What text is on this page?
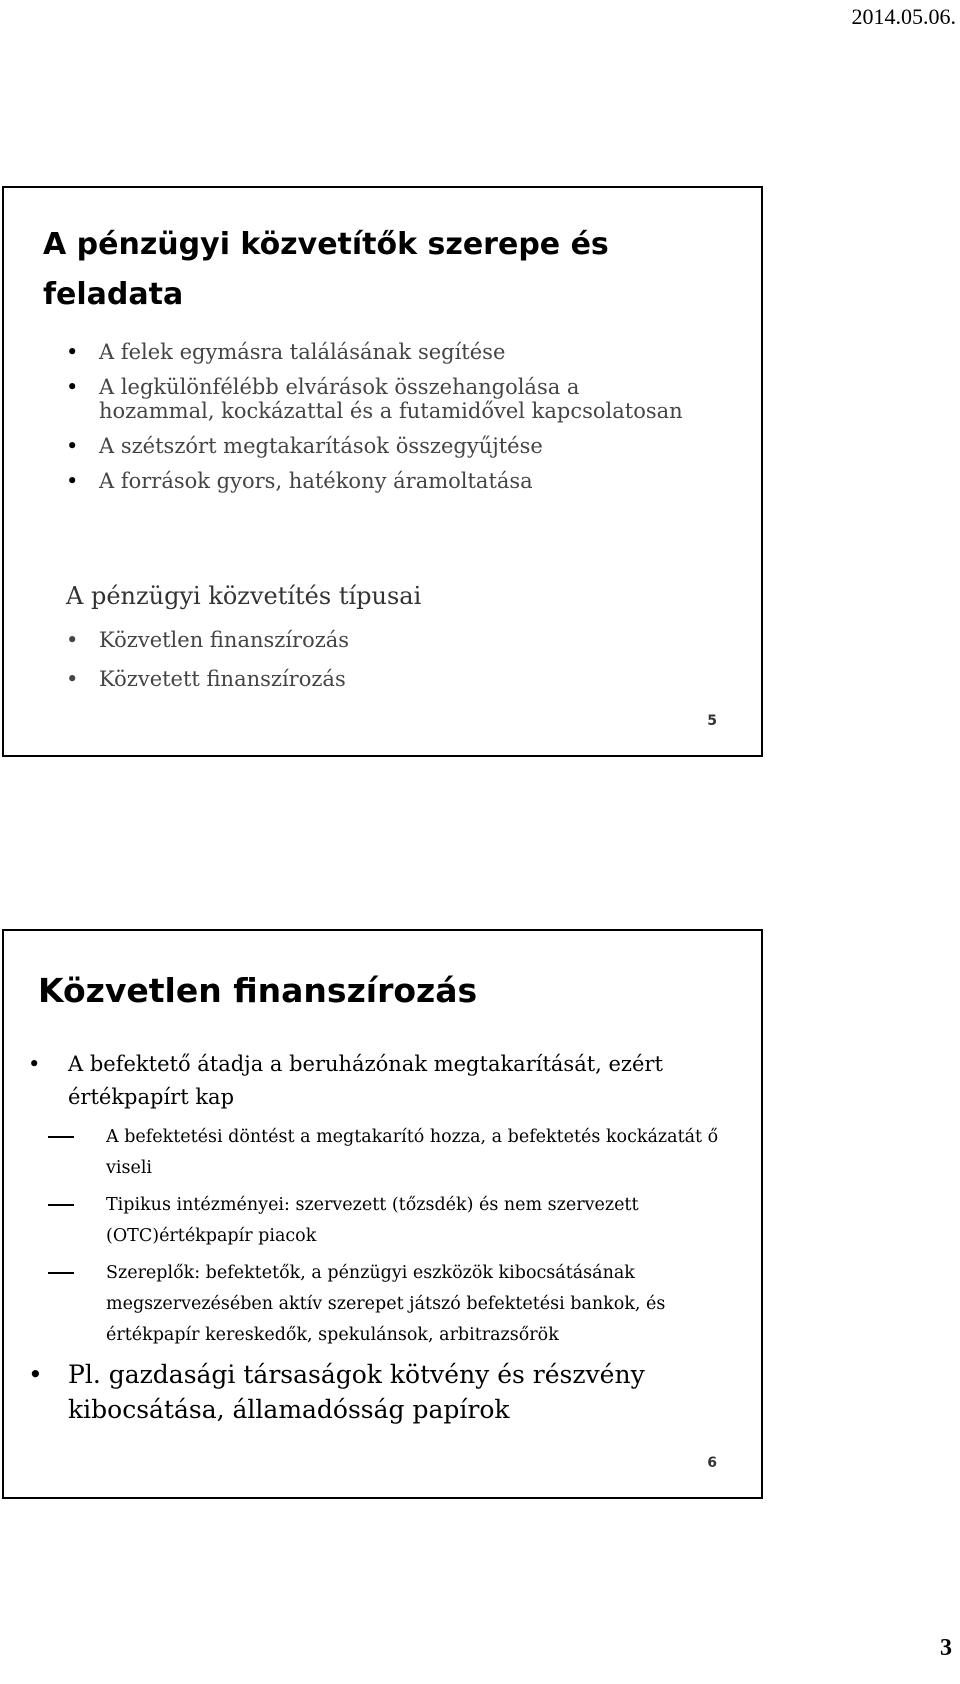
2014.05.06.
A pénzügyi közvetítők szerepe és feladata
• A felek egymásra találásának segítése
• A legkülönfélébb elvárások összehangolása a hozammal, kockázattal és a futamidővel kapcsolatosan
• A szétszórt megtakarítások összegyűjtése
• A források gyors, hatékony áramoltatása
A pénzügyi közvetítés típusai
• Közvetlen finanszírozás
• Közvetett finanszírozás
5
Közvetlen finanszírozás
• A befektető átadja a beruházónak megtakarítását, ezért értékpapírt kap
A befektetési döntést a megtakarító hozza, a befektetés kockázatát ő viseli
Tipikus intézményei: szervezett (tőzsdék) és nem szervezett (OTC)értékpapír piacok
Szereplők: befektetők, a pénzügyi eszközök kibocsátásának megszervezésében aktív szerepet játszó befektetési bankok, és értékpapír kereskedők, spekulánsok, arbitrazsőrök
• Pl. gazdasági társaságok kötvény és részvény kibocsátása, államadósság papírok
6
3
